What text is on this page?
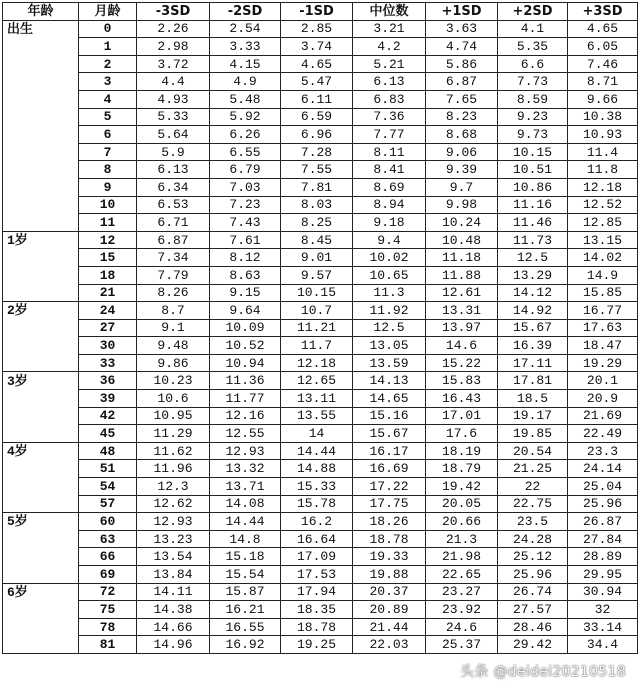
年龄	月龄	-3SD	-2SD	-1SD	中位数	+1SD	+2SD	+3SD
出生	0	2.26	2.54	2.85	3.21	3.63	4.1	4.65
	1	2.98	3.33	3.74	4.2	4.74	5.35	6.05
	2	3.72	4.15	4.65	5.21	5.86	6.6	7.46
	3	4.4	4.9	5.47	6.13	6.87	7.73	8.71
	4	4.93	5.48	6.11	6.83	7.65	8.59	9.66
	5	5.33	5.92	6.59	7.36	8.23	9.23	10.38
	6	5.64	6.26	6.96	7.77	8.68	9.73	10.93
	7	5.9	6.55	7.28	8.11	9.06	10.15	11.4
	8	6.13	6.79	7.55	8.41	9.39	10.51	11.8
	9	6.34	7.03	7.81	8.69	9.7	10.86	12.18
	10	6.53	7.23	8.03	8.94	9.98	11.16	12.52
	11	6.71	7.43	8.25	9.18	10.24	11.46	12.85
1岁	12	6.87	7.61	8.45	9.4	10.48	11.73	13.15
	15	7.34	8.12	9.01	10.02	11.18	12.5	14.02
	18	7.79	8.63	9.57	10.65	11.88	13.29	14.9
	21	8.26	9.15	10.15	11.3	12.61	14.12	15.85
2岁	24	8.7	9.64	10.7	11.92	13.31	14.92	16.77
	27	9.1	10.09	11.21	12.5	13.97	15.67	17.63
	30	9.48	10.52	11.7	13.05	14.6	16.39	18.47
	33	9.86	10.94	12.18	13.59	15.22	17.11	19.29
3岁	36	10.23	11.36	12.65	14.13	15.83	17.81	20.1
	39	10.6	11.77	13.11	14.65	16.43	18.5	20.9
	42	10.95	12.16	13.55	15.16	17.01	19.17	21.69
	45	11.29	12.55	14	15.67	17.6	19.85	22.49
4岁	48	11.62	12.93	14.44	16.17	18.19	20.54	23.3
	51	11.96	13.32	14.88	16.69	18.79	21.25	24.14
	54	12.3	13.71	15.33	17.22	19.42	22	25.04
	57	12.62	14.08	15.78	17.75	20.05	22.75	25.96
5岁	60	12.93	14.44	16.2	18.26	20.66	23.5	26.87
	63	13.23	14.8	16.64	18.78	21.3	24.28	27.84
	66	13.54	15.18	17.09	19.33	21.98	25.12	28.89
	69	13.84	15.54	17.53	19.88	22.65	25.96	29.95
6岁	72	14.11	15.87	17.94	20.37	23.27	26.74	30.94
	75	14.38	16.21	18.35	20.89	23.92	27.57	32
	78	14.66	16.55	18.78	21.44	24.6	28.46	33.14
	81	14.96	16.92	19.25	22.03	25.37	29.42	34.4
头条 @deidei20210518
